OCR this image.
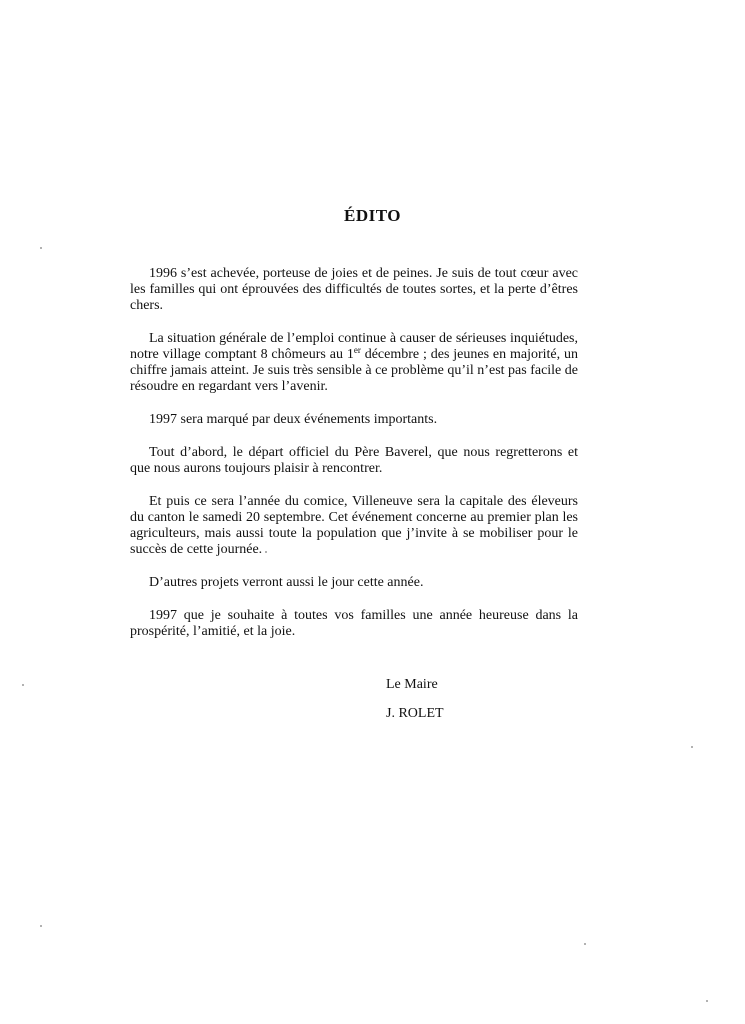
ÉDITO

1996 s’est achevée, porteuse de joies et de peines. Je suis de tout cœur avec les familles qui ont éprouvées des difficultés de toutes sortes, et la perte d’êtres chers.

La situation générale de l’emploi continue à causer de sérieuses inquiétudes, notre village comptant 8 chômeurs au 1er décembre ; des jeunes en majorité, un chiffre jamais atteint. Je suis très sensible à ce problème qu’il n’est pas facile de résoudre en regardant vers l’avenir.

1997 sera marqué par deux événements importants.

Tout d’abord, le départ officiel du Père Baverel, que nous regretterons et que nous aurons toujours plaisir à rencontrer.

Et puis ce sera l’année du comice, Villeneuve sera la capitale des éleveurs du canton le samedi 20 septembre. Cet événement concerne au premier plan les agriculteurs, mais aussi toute la population que j’invite à se mobiliser pour le succès de cette journée.

D’autres projets verront aussi le jour cette année.

1997 que je souhaite à toutes vos familles une année heureuse dans la prospérité, l’amitié, et la joie.

Le Maire

J. ROLET
